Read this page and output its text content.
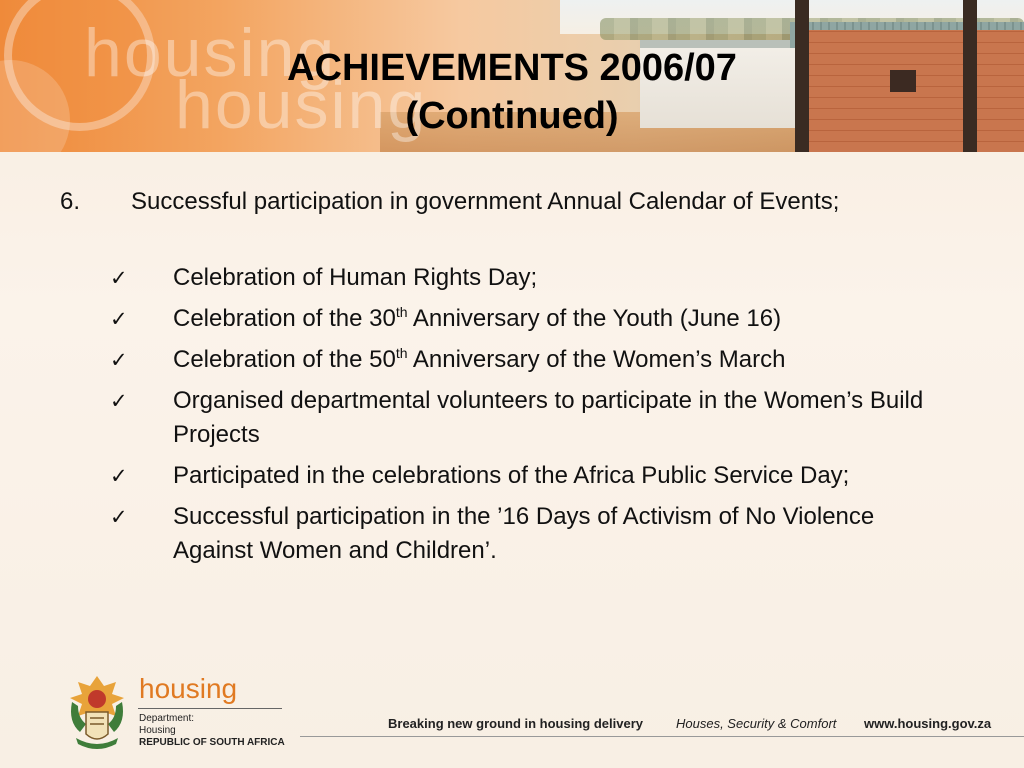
housing
housing
ACHIEVEMENTS 2006/07
(Continued)
6. Successful participation in government Annual Calendar of Events;
✓ Celebration of Human Rights Day;
✓ Celebration of the 30th Anniversary of the Youth (June 16)
✓ Celebration of the 50th Anniversary of the Women’s March
✓ Organised departmental volunteers to participate in the Women’s Build Projects
✓ Participated in the celebrations of the Africa Public Service Day;
✓ Successful participation in the ’16 Days of Activism of No Violence Against Women and Children’.
housing
Department:
Housing
REPUBLIC OF SOUTH AFRICA
Breaking new ground in housing delivery	Houses, Security & Comfort www.housing.gov.za
